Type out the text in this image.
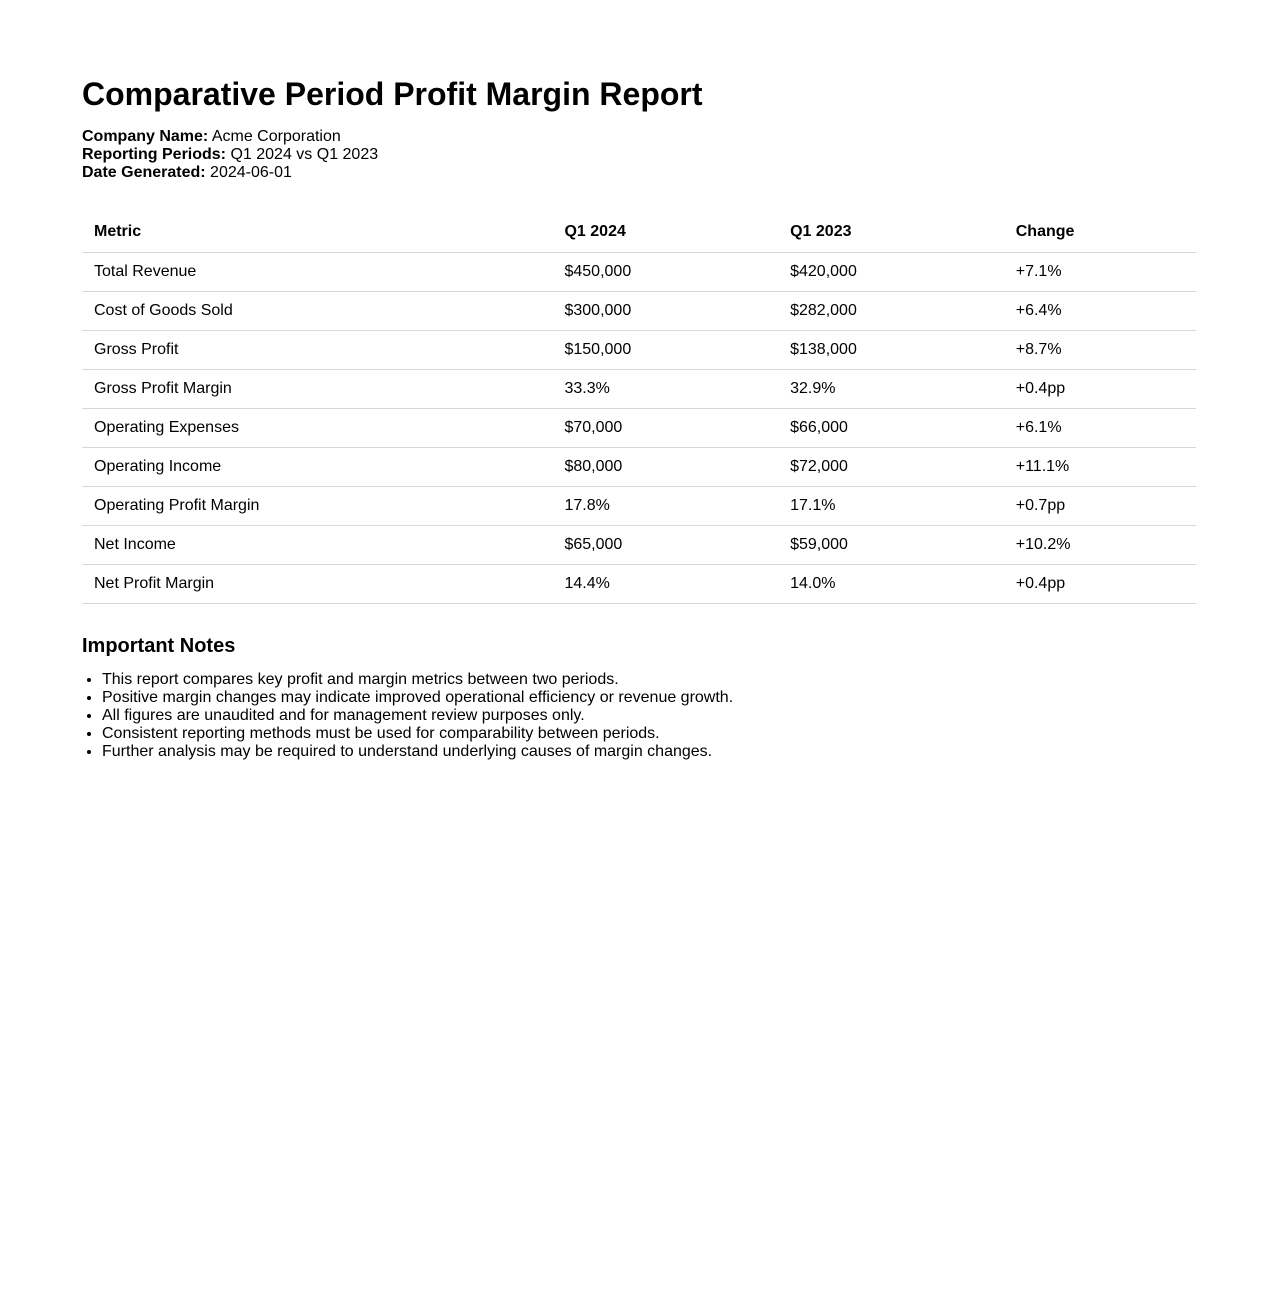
Comparative Period Profit Margin Report
Company Name: Acme Corporation
Reporting Periods: Q1 2024 vs Q1 2023
Date Generated: 2024-06-01
Metric	Q1 2024	Q1 2023	Change
Total Revenue	$450,000	$420,000	+7.1%
Cost of Goods Sold	$300,000	$282,000	+6.4%
Gross Profit	$150,000	$138,000	+8.7%
Gross Profit Margin	33.3%	32.9%	+0.4pp
Operating Expenses	$70,000	$66,000	+6.1%
Operating Income	$80,000	$72,000	+11.1%
Operating Profit Margin	17.8%	17.1%	+0.7pp
Net Income	$65,000	$59,000	+10.2%
Net Profit Margin	14.4%	14.0%	+0.4pp
Important Notes
• This report compares key profit and margin metrics between two periods.
• Positive margin changes may indicate improved operational efficiency or revenue growth.
• All figures are unaudited and for management review purposes only.
• Consistent reporting methods must be used for comparability between periods.
• Further analysis may be required to understand underlying causes of margin changes.
